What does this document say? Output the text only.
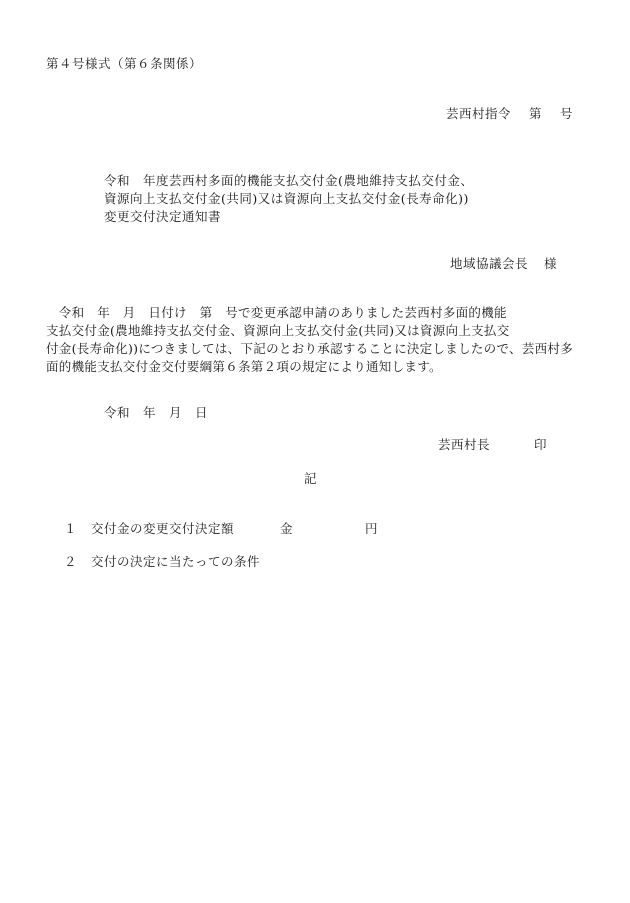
第４号様式（第６条関係）
芸西村指令 第 号
令和　年度芸西村多面的機能支払交付金(農地維持支払交付金、
資源向上支払交付金(共同)又は資源向上支払交付金(長寿命化))
変更交付決定通知書
地域協議会長 様
　令和　年　月　日付け　第　号で変更承認申請のありました芸西村多面的機能
支払交付金(農地維持支払交付金、資源向上支払交付金(共同)又は資源向上支払交
付金(長寿命化))につきましては、下記のとおり承認することに決定しましたので、芸西村多
面的機能支払交付金交付要綱第６条第２項の規定により通知します。
令和　年　月　日
芸西村長	印
記
１ 交付金の変更交付決定額	金	円
２ 交付の決定に当たっての条件
